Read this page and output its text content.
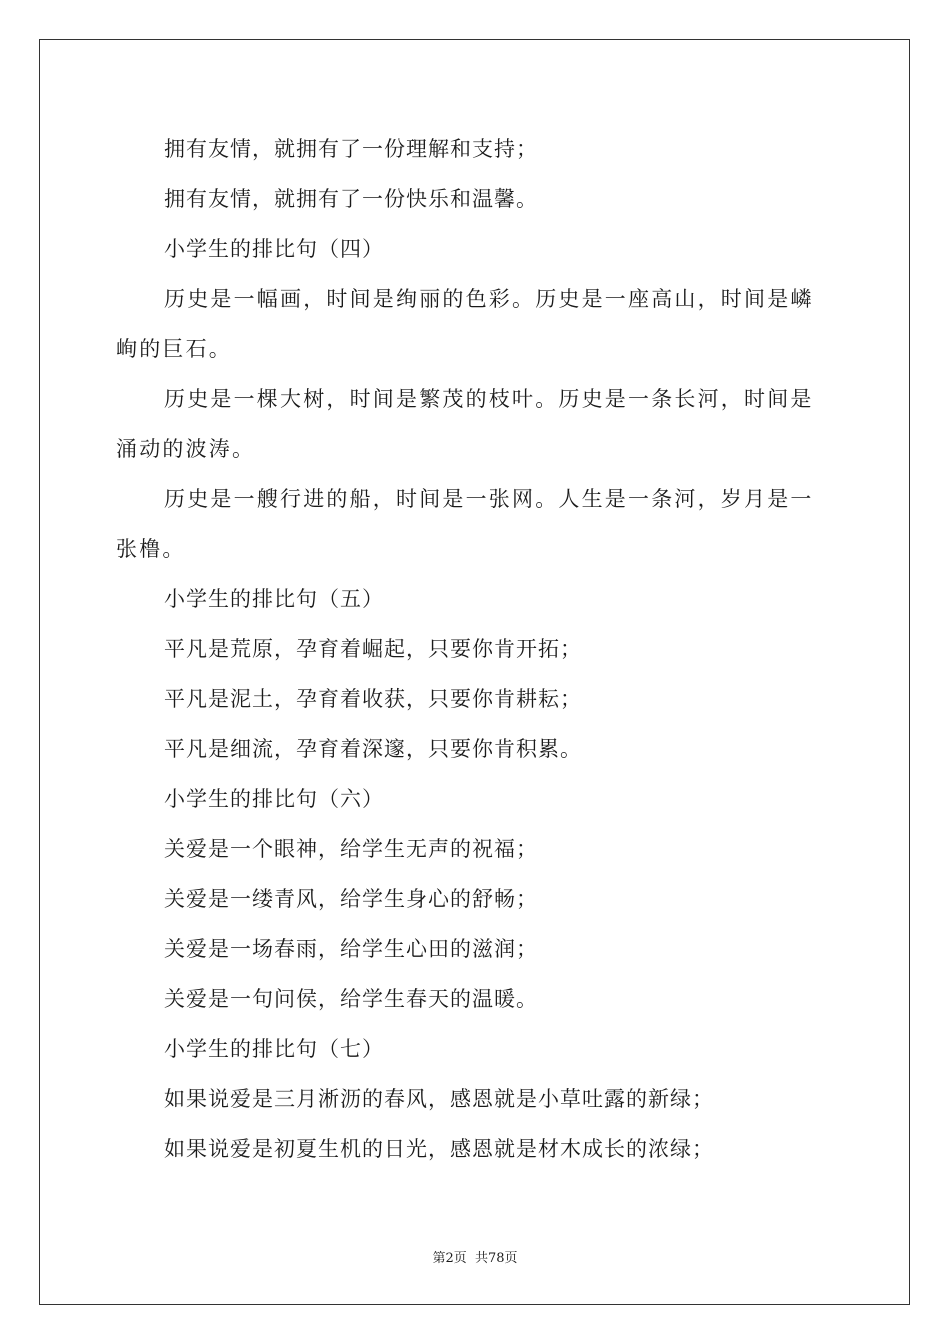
拥有友情，就拥有了一份理解和支持；

拥有友情，就拥有了一份快乐和温馨。

小学生的排比句（四）

历史是一幅画，时间是绚丽的色彩。历史是一座高山，时间是嶙峋的巨石。

历史是一棵大树，时间是繁茂的枝叶。历史是一条长河，时间是涌动的波涛。

历史是一艘行进的船，时间是一张网。人生是一条河，岁月是一张橹。

小学生的排比句（五）

平凡是荒原，孕育着崛起，只要你肯开拓；

平凡是泥土，孕育着收获，只要你肯耕耘；

平凡是细流，孕育着深邃，只要你肯积累。

小学生的排比句（六）

关爱是一个眼神，给学生无声的祝福；

关爱是一缕青风，给学生身心的舒畅；

关爱是一场春雨，给学生心田的滋润；

关爱是一句问侯，给学生春天的温暖。

小学生的排比句（七）

如果说爱是三月淅沥的春风，感恩就是小草吐露的新绿；

如果说爱是初夏生机的日光，感恩就是材木成长的浓绿；

第2页 共78页
